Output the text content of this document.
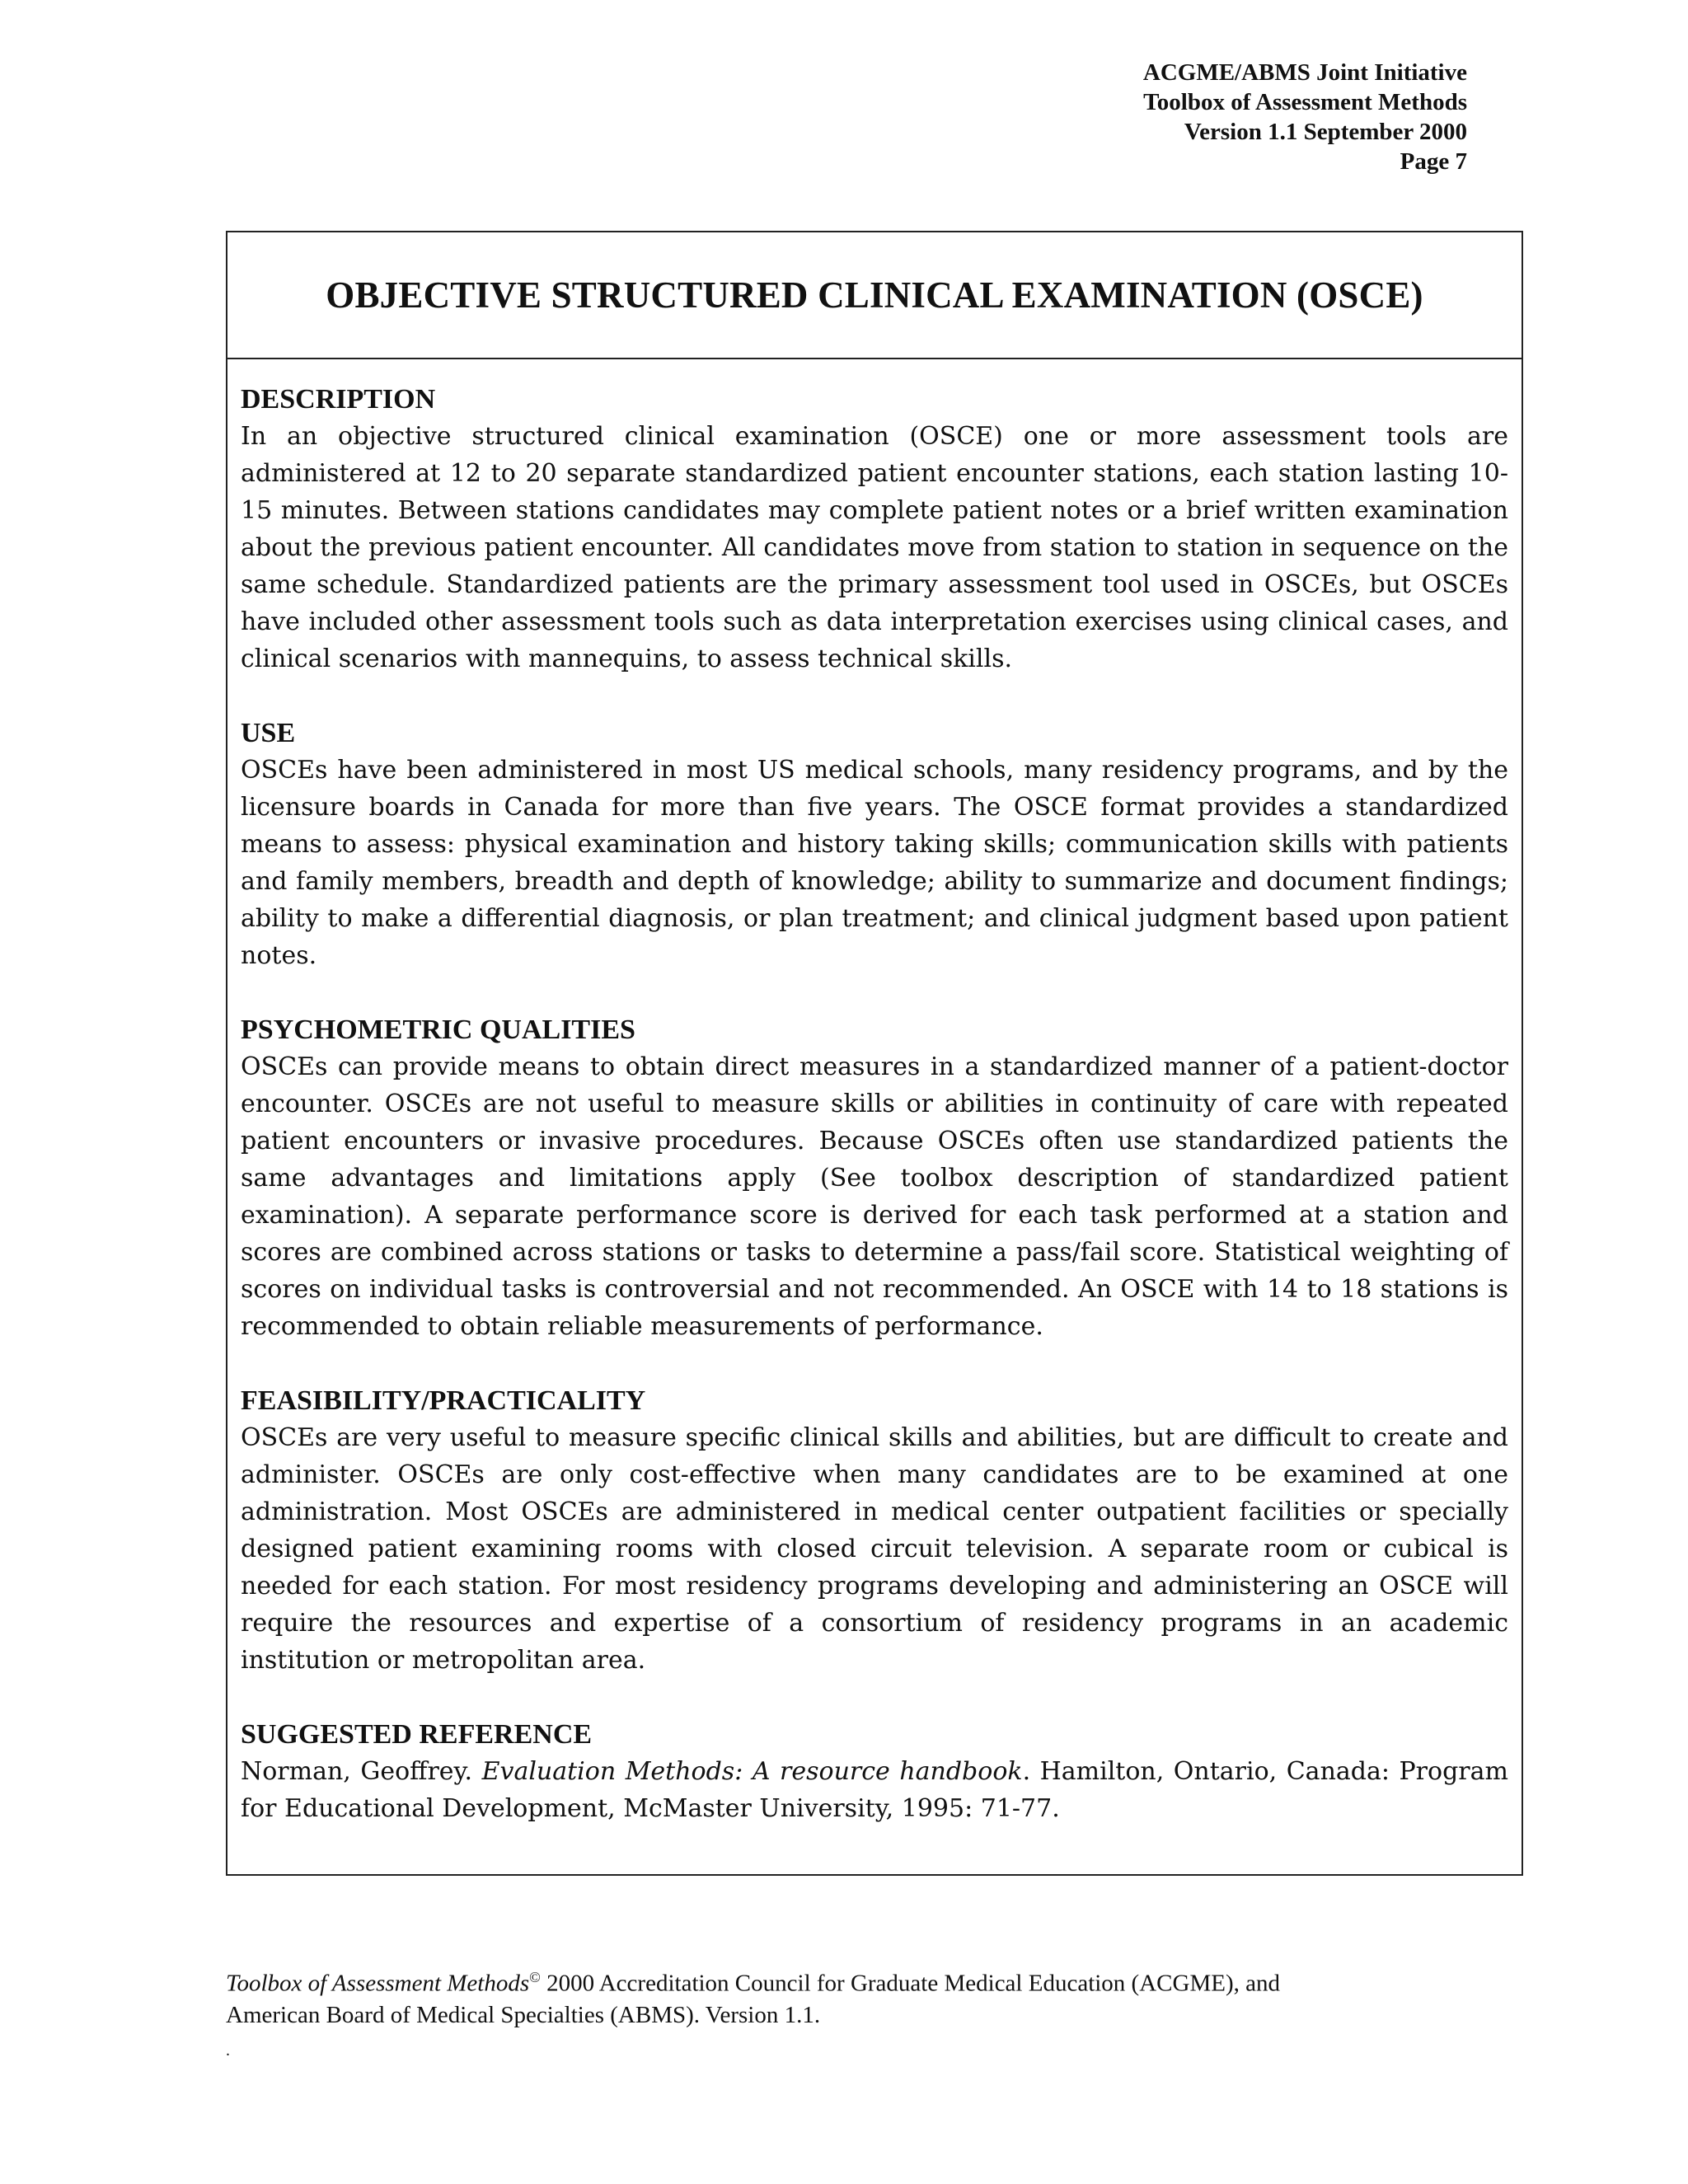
ACGME/ABMS Joint Initiative
Toolbox of Assessment Methods
Version 1.1 September 2000
Page 7
OBJECTIVE STRUCTURED CLINICAL EXAMINATION (OSCE)
DESCRIPTION

In an objective structured clinical examination (OSCE) one or more assessment tools are administered at 12 to 20 separate standardized patient encounter stations, each station lasting 10-15 minutes. Between stations candidates may complete patient notes or a brief written examination about the previous patient encounter. All candidates move from station to station in sequence on the same schedule. Standardized patients are the primary assessment tool used in OSCEs, but OSCEs have included other assessment tools such as data interpretation exercises using clinical cases, and clinical scenarios with mannequins, to assess technical skills.

USE

OSCEs have been administered in most US medical schools, many residency programs, and by the licensure boards in Canada for more than five years. The OSCE format provides a standardized means to assess: physical examination and history taking skills; communication skills with patients and family members, breadth and depth of knowledge; ability to summarize and document findings; ability to make a differential diagnosis, or plan treatment; and clinical judgment based upon patient notes.

PSYCHOMETRIC QUALITIES

OSCEs can provide means to obtain direct measures in a standardized manner of a patient-doctor encounter. OSCEs are not useful to measure skills or abilities in continuity of care with repeated patient encounters or invasive procedures. Because OSCEs often use standardized patients the same advantages and limitations apply (See toolbox description of standardized patient examination). A separate performance score is derived for each task performed at a station and scores are combined across stations or tasks to determine a pass/fail score. Statistical weighting of scores on individual tasks is controversial and not recommended. An OSCE with 14 to 18 stations is recommended to obtain reliable measurements of performance.

FEASIBILITY/PRACTICALITY

OSCEs are very useful to measure specific clinical skills and abilities, but are difficult to create and administer. OSCEs are only cost-effective when many candidates are to be examined at one administration. Most OSCEs are administered in medical center outpatient facilities or specially designed patient examining rooms with closed circuit television. A separate room or cubical is needed for each station. For most residency programs developing and administering an OSCE will require the resources and expertise of a consortium of residency programs in an academic institution or metropolitan area.

SUGGESTED REFERENCE

Norman, Geoffrey. Evaluation Methods: A resource handbook. Hamilton, Ontario, Canada: Program for Educational Development, McMaster University, 1995: 71-77.

Toolbox of Assessment Methods© 2000 Accreditation Council for Graduate Medical Education (ACGME), and
American Board of Medical Specialties (ABMS). Version 1.1.
.
